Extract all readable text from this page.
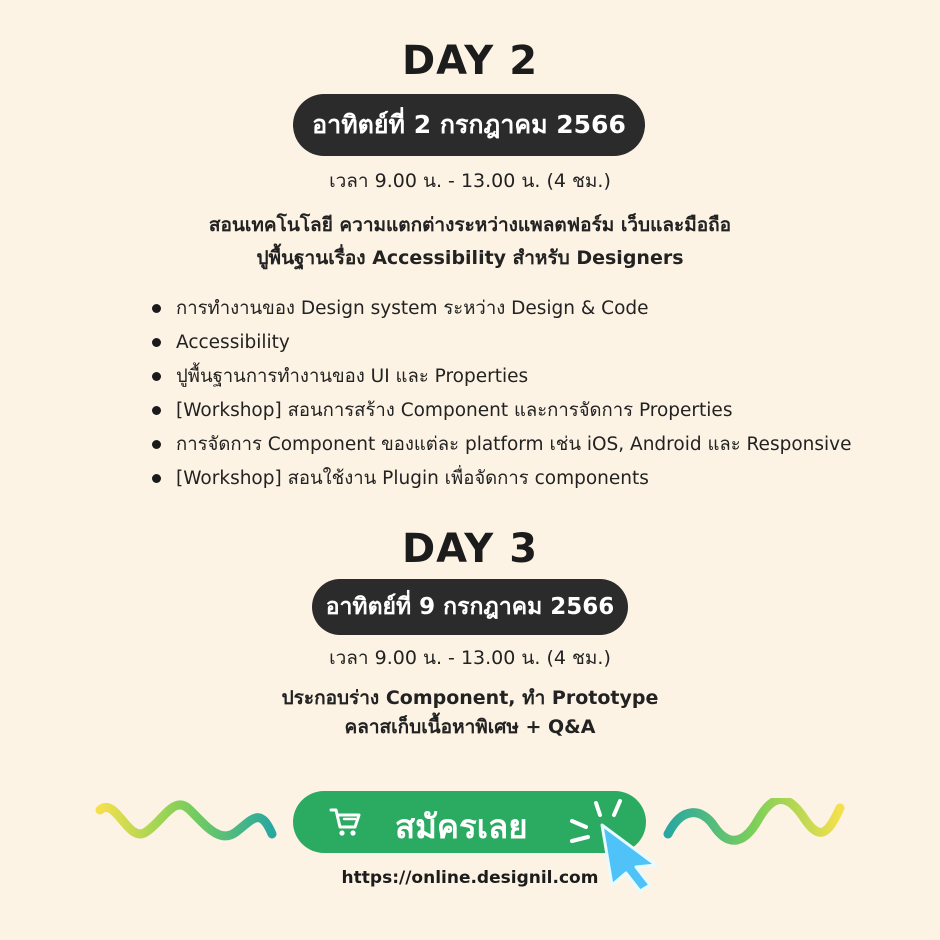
DAY 2
อาทิตย์ที่ 2 กรกฎาคม 2566
เวลา 9.00 น. - 13.00 น. (4 ชม.)
สอนเทคโนโลยี ความแตกต่างระหว่างแพลตฟอร์ม เว็บและมือถือ
ปูพื้นฐานเรื่อง Accessibility สำหรับ Designers
การทำงานของ Design system ระหว่าง Design & Code
Accessibility
ปูพื้นฐานการทำงานของ UI และ Properties
[Workshop] สอนการสร้าง Component และการจัดการ Properties
การจัดการ Component ของแต่ละ platform เช่น iOS, Android และ Responsive
[Workshop] สอนใช้งาน Plugin เพื่อจัดการ components
DAY 3
อาทิตย์ที่ 9 กรกฎาคม 2566
เวลา 9.00 น. - 13.00 น. (4 ชม.)
ประกอบร่าง Component, ทำ Prototype
คลาสเก็บเนื้อหาพิเศษ + Q&A
สมัครเลย
https://online.designil.com
